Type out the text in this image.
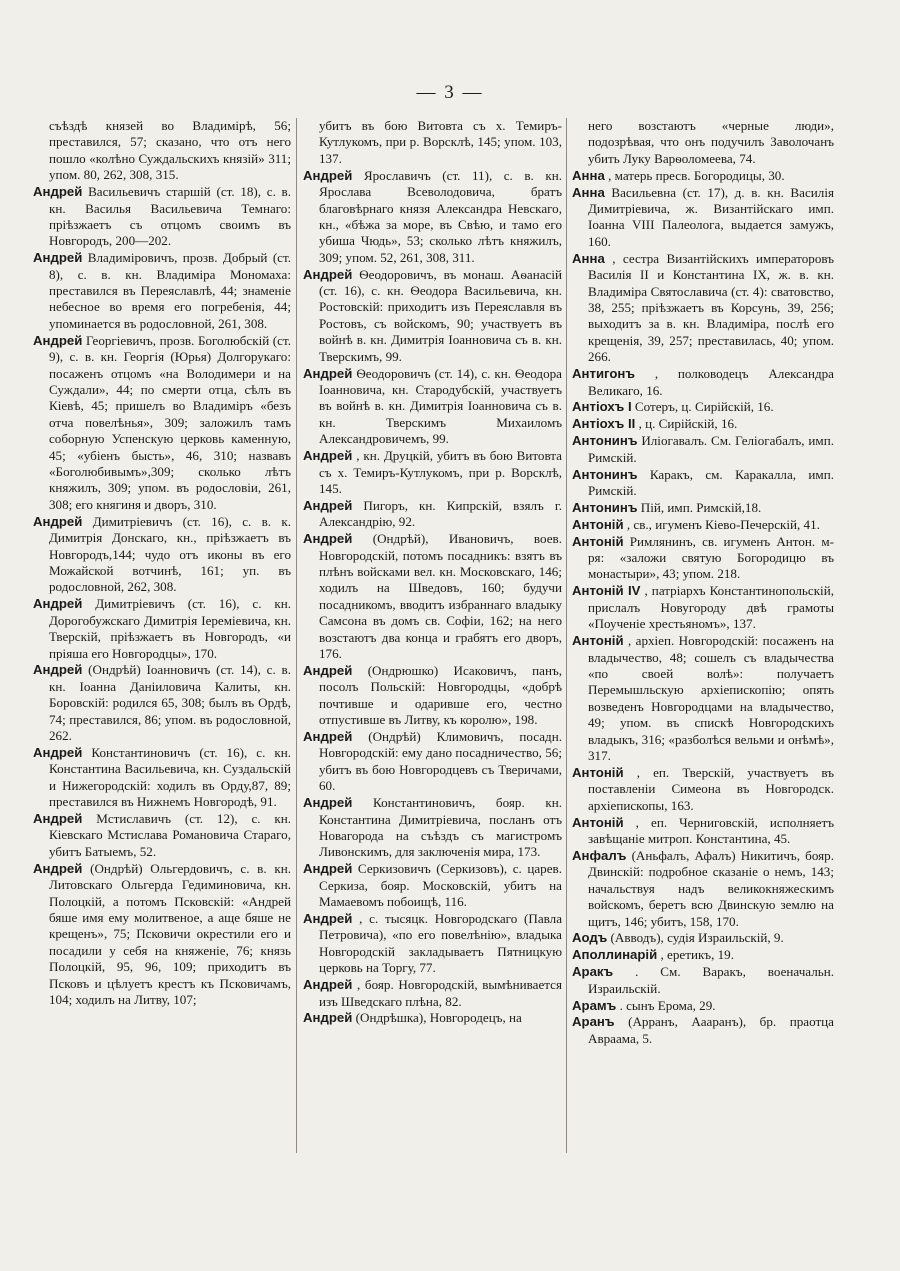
— 3 —
съѣздѣ князей во Владимірѣ, 56; преставился, 57; сказано, что отъ него пошло «колѣно Суждальскихъ князій» 311; упом. 80, 262, 308, 315.
Андрей Васильевичъ старшій (ст. 18), с. в. кн. Василья Васильевича Темнаго: пріѣзжаетъ съ отцомъ своимъ въ Новгородъ, 200—202.
Андрей Владиміровичъ, прозв. Добрый (ст. 8), с. в. кн. Владиміра Мономаха: преставился въ Переяславлѣ, 44; знаменіе небесное во время его погребенія, 44; упоминается въ родословной, 261, 308.
Андрей Георгіевичъ, прозв. Боголюбскій (ст. 9), с. в. кн. Георгія (Юрья) Долгорукаго: посаженъ отцомъ «на Володимери и на Суждали», 44; по смерти отца, сѣлъ въ Кіевѣ, 45; пришелъ во Владиміръ «безъ отча повелѣнья», 309; заложилъ тамъ соборную Успенскую церковь каменную, 45; «убіенъ бысть», 46, 310; назвавъ «Боголюбивымъ»,309; сколько лѣтъ княжилъ, 309; упом. въ родословіи, 261, 308; его княгиня и дворъ, 310.
Андрей Димитріевичъ (ст. 16), с. в. к. Димитрія Донскаго, кн., пріѣзжаетъ въ Новгородъ,144; чудо отъ иконы въ его Можайской вотчинѣ, 161; уп. въ родословной, 262, 308.
Андрей Димитріевичъ (ст. 16), с. кн. Дорогобужскаго Димитрія Іереміевича, кн. Тверскій, пріѣзжаетъ въ Новгородъ, «и пріяша его Новгородцы», 170.
Андрей (Ондрѣй) Іоанновичъ (ст. 14), с. в. кн. Іоанна Даніиловича Калиты, кн. Боровскій: родился 65, 308; былъ въ Ордѣ, 74; преставился, 86; упом. въ родословной, 262.
Андрей Константиновичъ (ст. 16), с. кн. Константина Васильевича, кн. Суздальскій и Нижегородскій: ходилъ въ Орду,87, 89; преставился въ Нижнемъ Новгородѣ, 91.
Андрей Мстиславичъ (ст. 12), с. кн. Кіевскаго Мстислава Романовича Стараго, убитъ Батыемъ, 52.
Андрей (Ондрѣй) Ольгердовичъ, с. в. кн. Литовскаго Ольгерда Гедиминовича, кн. Полоцкій, а потомъ Псковскій: «Андрей бяше имя ему молитвеное, а аще бяше не крещенъ», 75; Псковичи окрестили его и посадили у себя на княженіе, 76; князь Полоцкій, 95, 96, 109; приходитъ въ Псковъ и цѣлуетъ крестъ къ Псковичамъ, 104; ходилъ на Литву, 107;
убитъ въ бою Витовта съ х. Темиръ-Кутлукомъ, при р. Ворсклѣ, 145; упом. 103, 137.
Андрей Ярославичъ (ст. 11), с. в. кн. Ярослава Всеволодовича, братъ благовѣрнаго князя Александра Невскаго, кн., «бѣжа за море, въ Свѣю, и тамо его убиша Чюдь», 53; сколько лѣтъ княжилъ, 309; упом. 52, 261, 308, 311.
Андрей Ѳеодоровичъ, въ монаш. Аѳанасій (ст. 16), с. кн. Ѳеодора Васильевича, кн. Ростовскій: приходитъ изъ Переяславля въ Ростовъ, съ войскомъ, 90; участвуетъ въ войнѣ в. кн. Димитрія Іоанновича съ в. кн. Тверскимъ, 99.
Андрей Ѳеодоровичъ (ст. 14), с. кн. Ѳеодора Іоанновича, кн. Стародубскій, участвуетъ въ войнѣ в. кн. Димитрія Іоанновича съ в. кн. Тверскимъ Михаиломъ Александровичемъ, 99.
Андрей , кн. Друцкій, убитъ въ бою Витовта съ х. Темиръ-Кутлукомъ, при р. Ворсклѣ, 145.
Андрей Пигоръ, кн. Кипрскій, взялъ г. Александрію, 92.
Андрей (Ондрѣй), Ивановичъ, воев. Новгородскій, потомъ посадникъ: взятъ въ плѣнъ войсками вел. кн. Московскаго, 146; ходилъ на Шведовъ, 160; будучи посадникомъ, вводитъ избраннаго владыку Самсона въ домъ св. Софіи, 162; на него возстаютъ два конца и грабятъ его дворъ, 176.
Андрей (Ондрюшко) Исаковичъ, панъ, посолъ Польскій: Новгородцы, «добрѣ почтивше и одаривше его, честно отпустивше въ Литву, къ королю», 198.
Андрей (Ондрѣй) Климовичъ, посадн. Новгородскій: ему дано посадничество, 56; убитъ въ бою Новгородцевъ съ Тверичами, 60.
Андрей Константиновичъ, бояр. кн. Константина Димитріевича, посланъ отъ Новагорода на съѣздъ съ магистромъ Ливонскимъ, для заключенія мира, 173.
Андрей Серкизовичъ (Серкизовъ), с. царев. Серкиза, бояр. Московскій, убитъ на Мамаевомъ побоищѣ, 116.
Андрей , с. тысяцк. Новгородскаго (Павла Петровича), «по его повелѣнію», владыка Новгородскій закладываетъ Пятницкую церковь на Торгу, 77.
Андрей , бояр. Новгородскій, вымѣнивается изъ Шведскаго плѣна, 82.
Андрей (Ондрѣшка), Новгородецъ, на
него возстаютъ «черные люди», подозрѣвая, что онъ подучилъ Заволочанъ убить Луку Варѳоломеева, 74.
Анна , матерь пресв. Богородицы, 30.
Анна Васильевна (ст. 17), д. в. кн. Василія Димитріевича, ж. Византійскаго имп. Іоанна VIII Палеолога, выдается замужъ, 160.
Анна , сестра Византійскихъ императоровъ Василія II и Константина IX, ж. в. кн. Владиміра Святославича (ст. 4): сватовство, 38, 255; пріѣзжаетъ въ Корсунь, 39, 256; выходитъ за в. кн. Владиміра, послѣ его крещенія, 39, 257; преставилась, 40; упом. 266.
Антигонъ , полководецъ Александра Великаго, 16.
Антіохъ I Сотеръ, ц. Сирійскій, 16.
Антіохъ II , ц. Сирійскій, 16.
Антонинъ Иліогавалъ. См. Геліогабалъ, имп. Римскій.
Антонинъ Каракъ, см. Каракалла, имп. Римскій.
Антонинъ Пій, имп. Римскій,18.
Антоній , св., игуменъ Кіево-Печерскій, 41.
Антоній Римлянинъ, св. игуменъ Антон. м-ря: «заложи святую Богородицю въ монастыри», 43; упом. 218.
Антоній IV , патріархъ Константинопольскій, прислалъ Новугороду двѣ грамоты «Поученіе хрестьяномъ», 137.
Антоній , архіеп. Новгородскій: посаженъ на владычество, 48; сошелъ съ владычества «по своей волѣ»: получаетъ Перемышльскую архіепископію; опять возведенъ Новгородцами на владычество, 49; упом. въ спискѣ Новгородскихъ владыкъ, 316; «разболѣся вельми и онѣмѣ», 317.
Антоній , еп. Тверскій, участвуетъ въ поставленіи Симеона въ Новгородск. архіепископы, 163.
Антоній , еп. Черниговскій, исполняетъ завѣщаніе митроп. Константина, 45.
Анфалъ (Аньфалъ, Афалъ) Никитичъ, бояр. Двинскій: подробное сказаніе о немъ, 143; начальствуя надъ великокняжескимъ войскомъ, беретъ всю Двинскую землю на щитъ, 146; убитъ, 158, 170.
Аодъ (Авводъ), судія Израильскій, 9.
Аполлинарій , еретикъ, 19.
Аракъ . См. Варакъ, военачальн. Израильскій.
Арамъ . сынъ Ерома, 29.
Аранъ (Арранъ, Аааранъ), бр. праотца Авраама, 5.
